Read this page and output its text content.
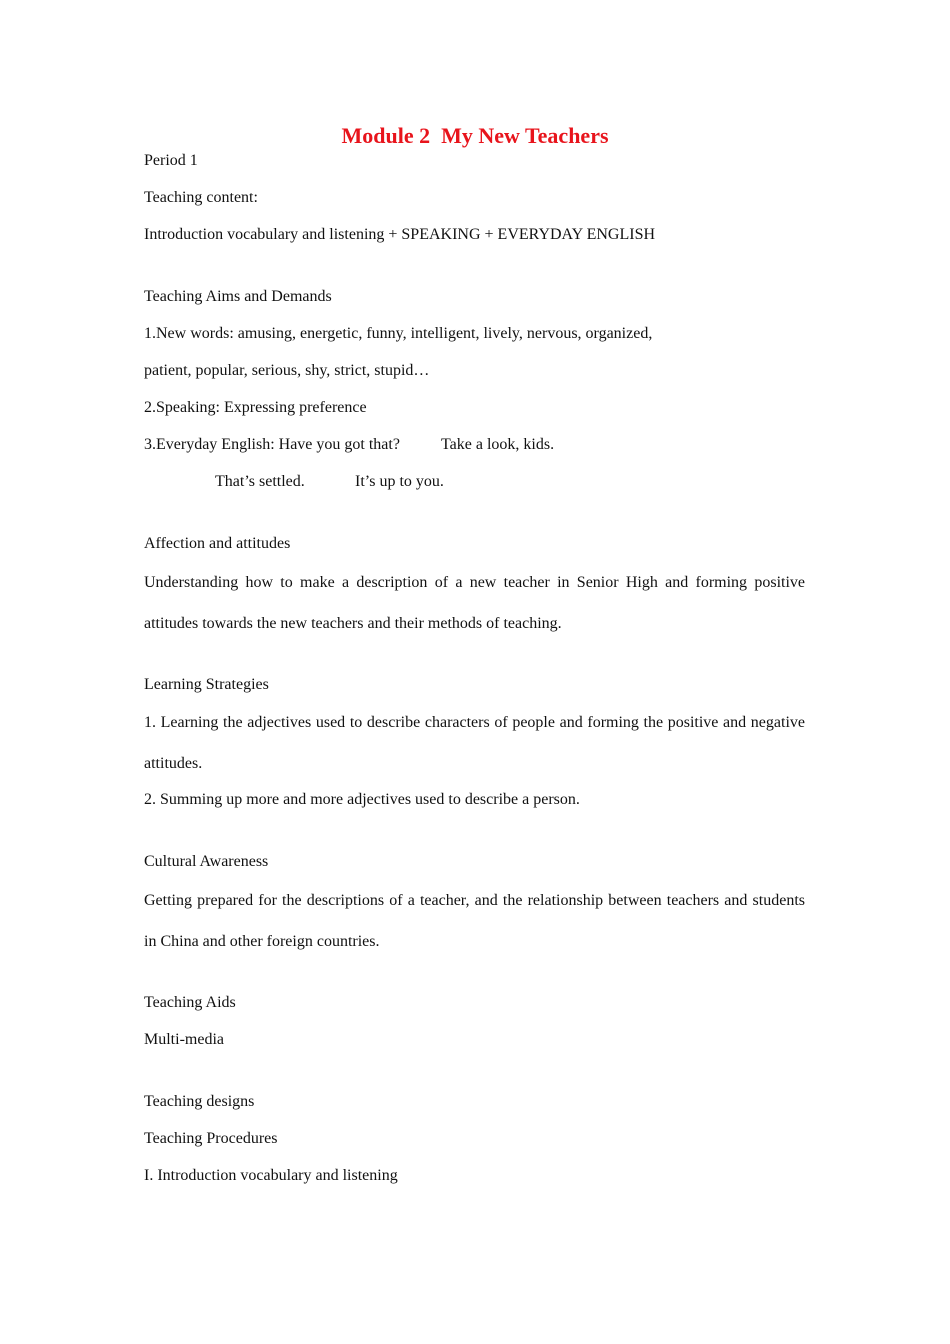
Module 2  My New Teachers
Period 1
Teaching content:
Introduction vocabulary and listening + SPEAKING + EVERYDAY ENGLISH
Teaching Aims and Demands
1.New words: amusing, energetic, funny, intelligent, lively, nervous, organized,
patient, popular, serious, shy, strict, stupid…
2.Speaking: Expressing preference
3.Everyday English: Have you got that?	Take a look, kids.
That’s settled.	It’s up to you.
Affection and attitudes

Understanding how to make a description of a new teacher in Senior High and forming positive attitudes towards the new teachers and their methods of teaching.

Learning Strategies

1. Learning the adjectives used to describe characters of people and forming the positive and negative attitudes.

2. Summing up more and more adjectives used to describe a person.
Cultural Awareness

Getting prepared for the descriptions of a teacher, and the relationship between teachers and students in China and other foreign countries.

Teaching Aids
Multi-media
Teaching designs
Teaching Procedures
I. Introduction vocabulary and listening
